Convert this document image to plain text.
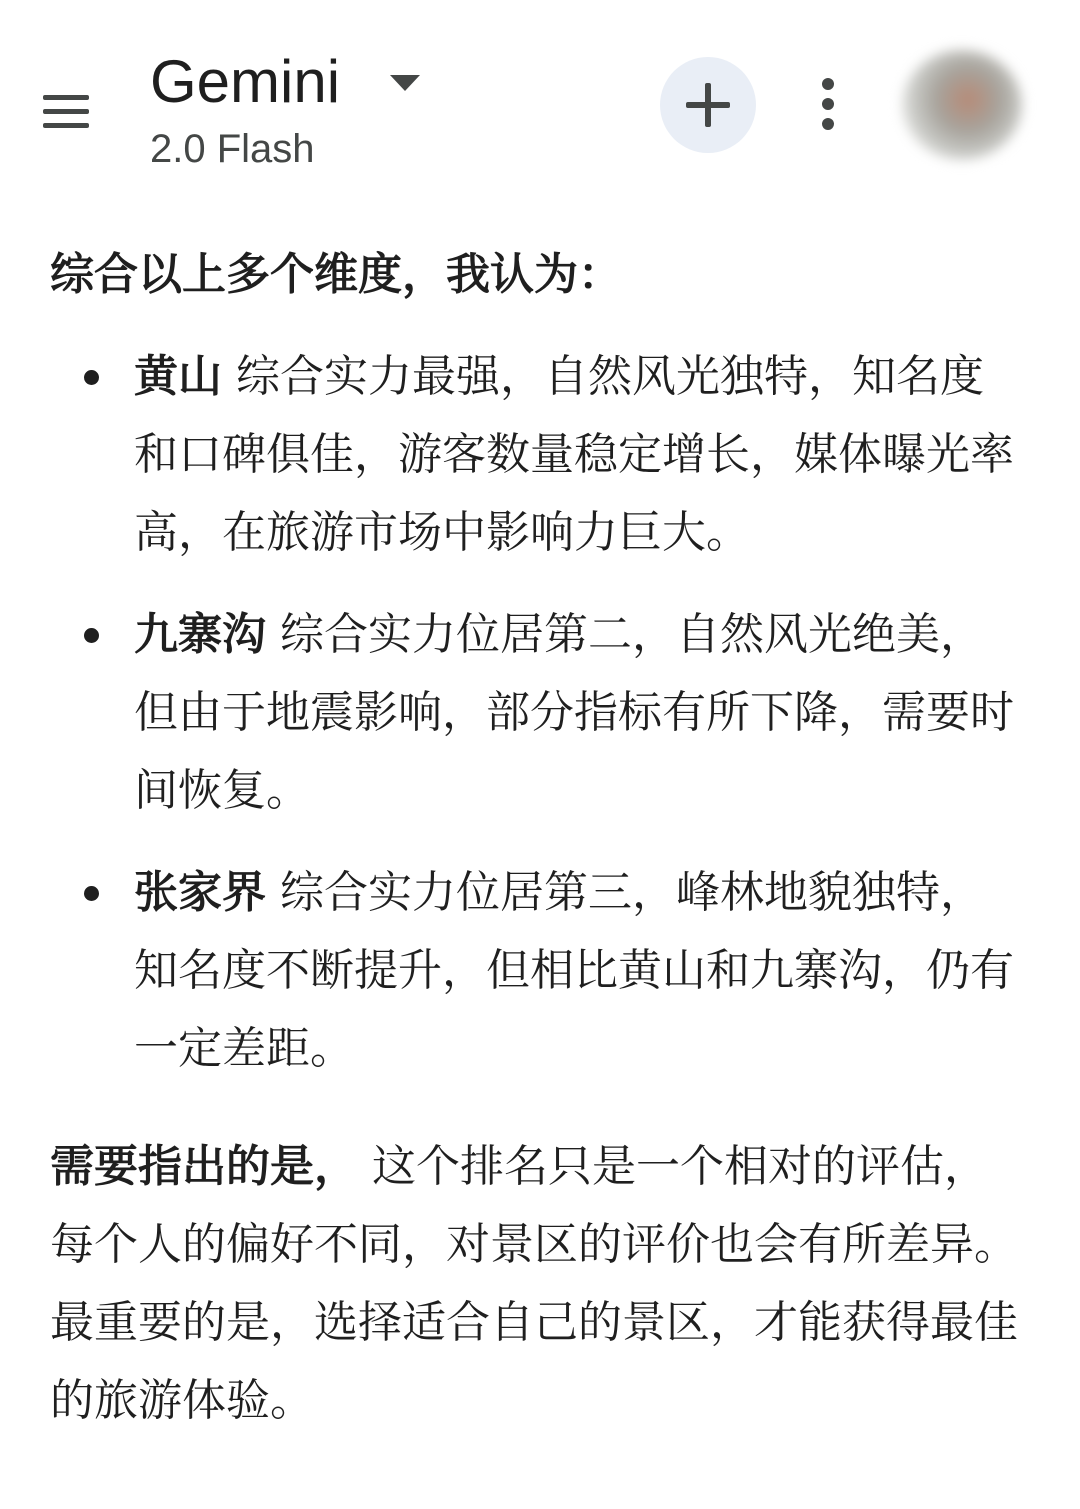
Gemini
2.0 Flash

综合以上多个维度，我认为：

黄山 综合实力最强，自然风光独特，知名度和口碑俱佳，游客数量稳定增长，媒体曝光率高，在旅游市场中影响力巨大。
九寨沟 综合实力位居第二，自然风光绝美，但由于地震影响，部分指标有所下降，需要时间恢复。
张家界 综合实力位居第三，峰林地貌独特，知名度不断提升，但相比黄山和九寨沟，仍有一定差距。

需要指出的是， 这个排名只是一个相对的评估，每个人的偏好不同，对景区的评价也会有所差异。最重要的是，选择适合自己的景区，才能获得最佳的旅游体验。
